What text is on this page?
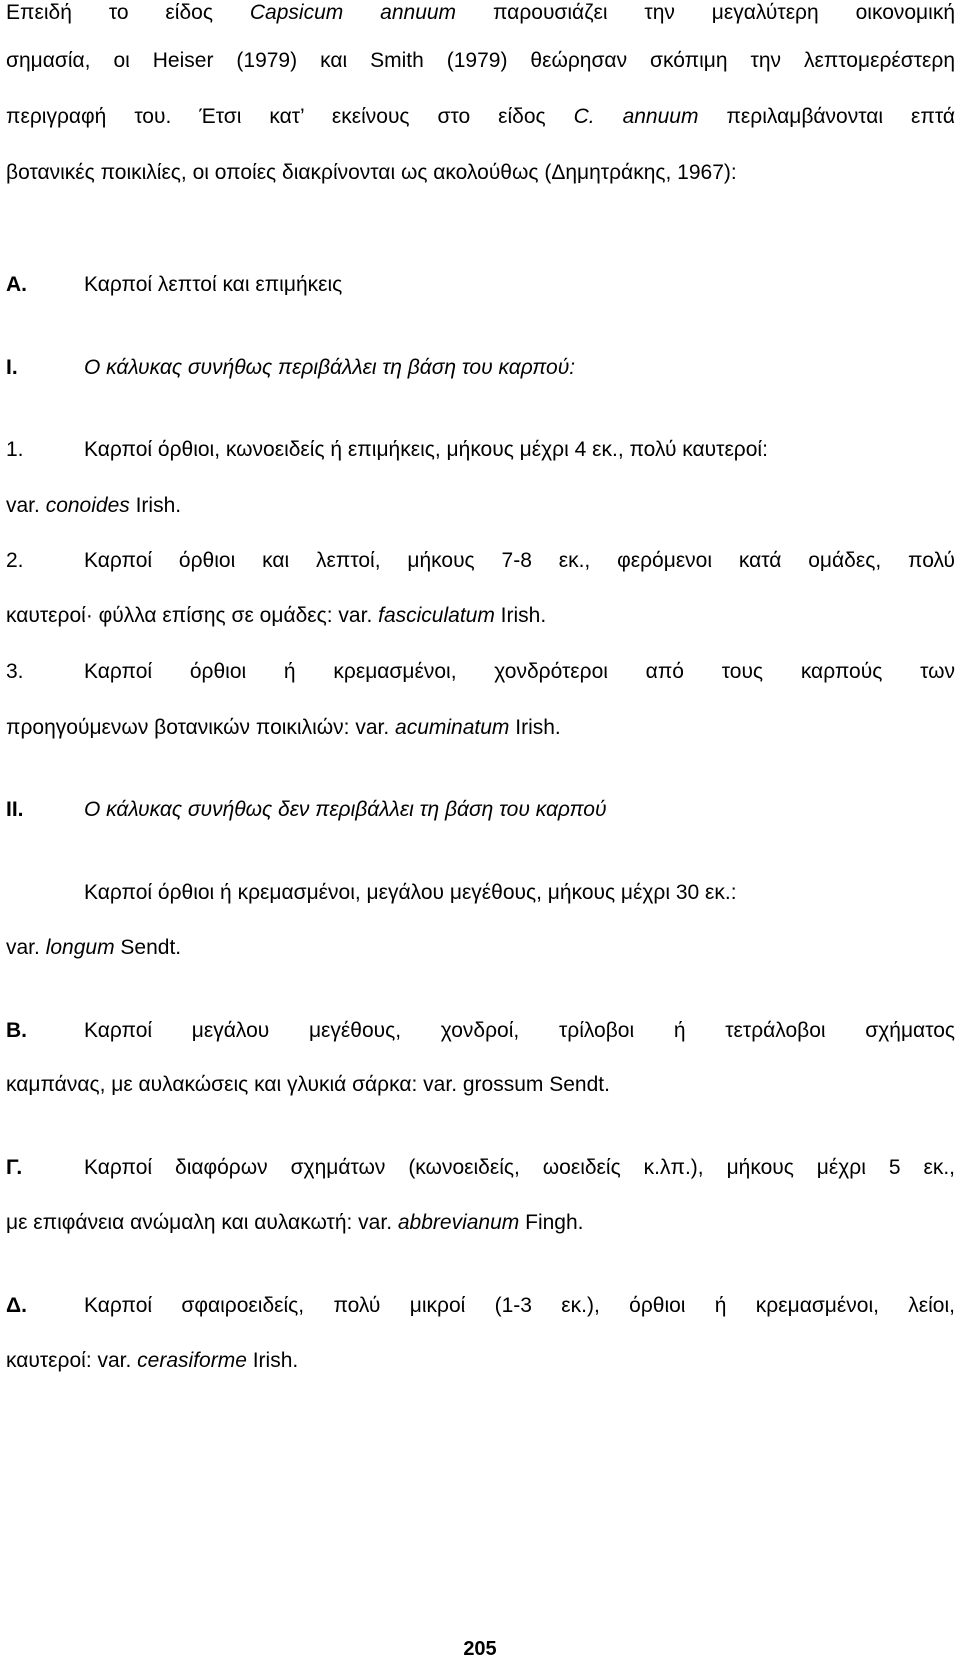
Επειδή το είδος Capsicum annuum παρουσιάζει την μεγαλύτερη οικονομική
σημασία, οι Heiser (1979) και Smith (1979) θεώρησαν σκόπιμη την λεπτομερέστερη
περιγραφή του. Έτσι κατ’ εκείνους στο είδος C. annuum περιλαμβάνονται επτά
βοτανικές ποικιλίες, οι οποίες διακρίνονται ως ακολούθως (Δημητράκης, 1967):
Α.	Καρποί λεπτοί και επιμήκεις
I.	Ο κάλυκας συνήθως περιβάλλει τη βάση του καρπού:
1.	Καρποί όρθιοι, κωνοειδείς ή επιμήκεις, μήκους μέχρι 4 εκ., πολύ καυτεροί:
var. conoides Irish.
2.	Καρποί όρθιοι και λεπτοί, μήκους 7-8 εκ., φερόμενοι κατά ομάδες, πολύ
καυτεροί· φύλλα επίσης σε ομάδες: var. fasciculatum Irish.
3.	Καρποί όρθιοι ή κρεμασμένοι, χονδρότεροι από τους καρπούς των
προηγούμενων βοτανικών ποικιλιών: var. acuminatum Irish.
II.	Ο κάλυκας συνήθως δεν περιβάλλει τη βάση του καρπού
Καρποί όρθιοι ή κρεμασμένοι, μεγάλου μεγέθους, μήκους μέχρι 30 εκ.:
var. longum Sendt.
Β.	Καρποί μεγάλου μεγέθους, χονδροί, τρίλοβοι ή τετράλοβοι σχήματος
καμπάνας, με αυλακώσεις και γλυκιά σάρκα: var. grossum Sendt.
Γ.	Καρποί διαφόρων σχημάτων (κωνοειδείς, ωοειδείς κ.λπ.), μήκους μέχρι 5 εκ.,
με επιφάνεια ανώμαλη και αυλακωτή: var. abbrevianum Fingh.
Δ.	Καρποί σφαιροειδείς, πολύ μικροί (1-3 εκ.), όρθιοι ή κρεμασμένοι, λείοι,
καυτεροί: var. cerasiforme Irish.
205
